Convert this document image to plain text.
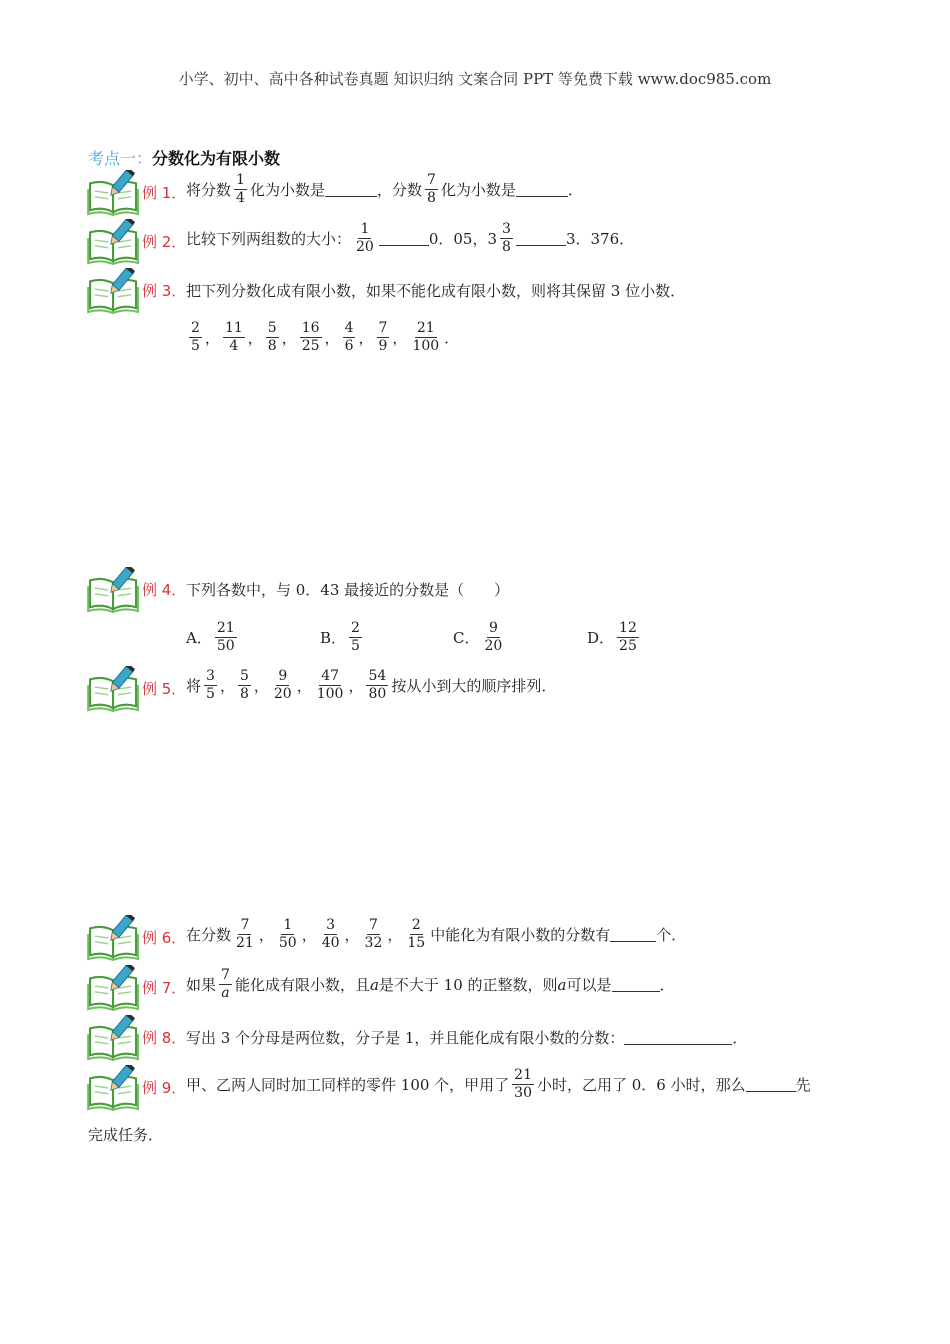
小学、初中、高中各种试卷真题 知识归纳 文案合同 PPT 等免费下载 www.doc985.com
考点一：分数化为有限小数
例 1． 将分数 $\frac{1}{4}$ 化为小数是	，分数 $\frac{7}{8}$ 化为小数是	．
例 2． 比较下列两组数的大小： $\frac{1}{20}$	0．05，$3 \frac{3}{8}$	3．376．
例 3． 把下列分数化成有限小数，如果不能化成有限小数，则将其保留 3 位小数．
$\frac{2}{5}$ ， $\frac{11}{4}$ ， $\frac{5}{8}$ ， $\frac{16}{25}$ ， $\frac{4}{6}$ ， $\frac{7}{9}$ ， $\frac{21}{100}$ ．
例 4． 下列各数中，与 0．43 最接近的分数是（　　）
A． $\frac{21}{50}$	B． $\frac{2}{5}$	C． $\frac{9}{20}$	D． $\frac{12}{25}$
例 5． 将 $\frac{3}{5}$ ， $\frac{5}{8}$ ， $\frac{9}{20}$ ， $\frac{47}{100}$ ， $\frac{54}{80}$ 按从小到大的顺序排列．
例 6． 在分数 $\frac{7}{21}$ ， $\frac{1}{50}$ ， $\frac{3}{40}$ ， $\frac{7}{32}$ ， $\frac{2}{15}$ 中能化为有限小数的分数有	个．
例 7． 如果 $\frac{7}{a}$ 能化成有限小数，且 a 是不大于 10 的正整数，则 a 可以是	．
例 8． 写出 3 个分母是两位数，分子是 1，并且能化成有限小数的分数：	．
例 9． 甲、乙两人同时加工同样的零件 100 个，甲用了 $\frac{21}{30}$ 小时，乙用了 0．6 小时，那么	先
完成任务．
